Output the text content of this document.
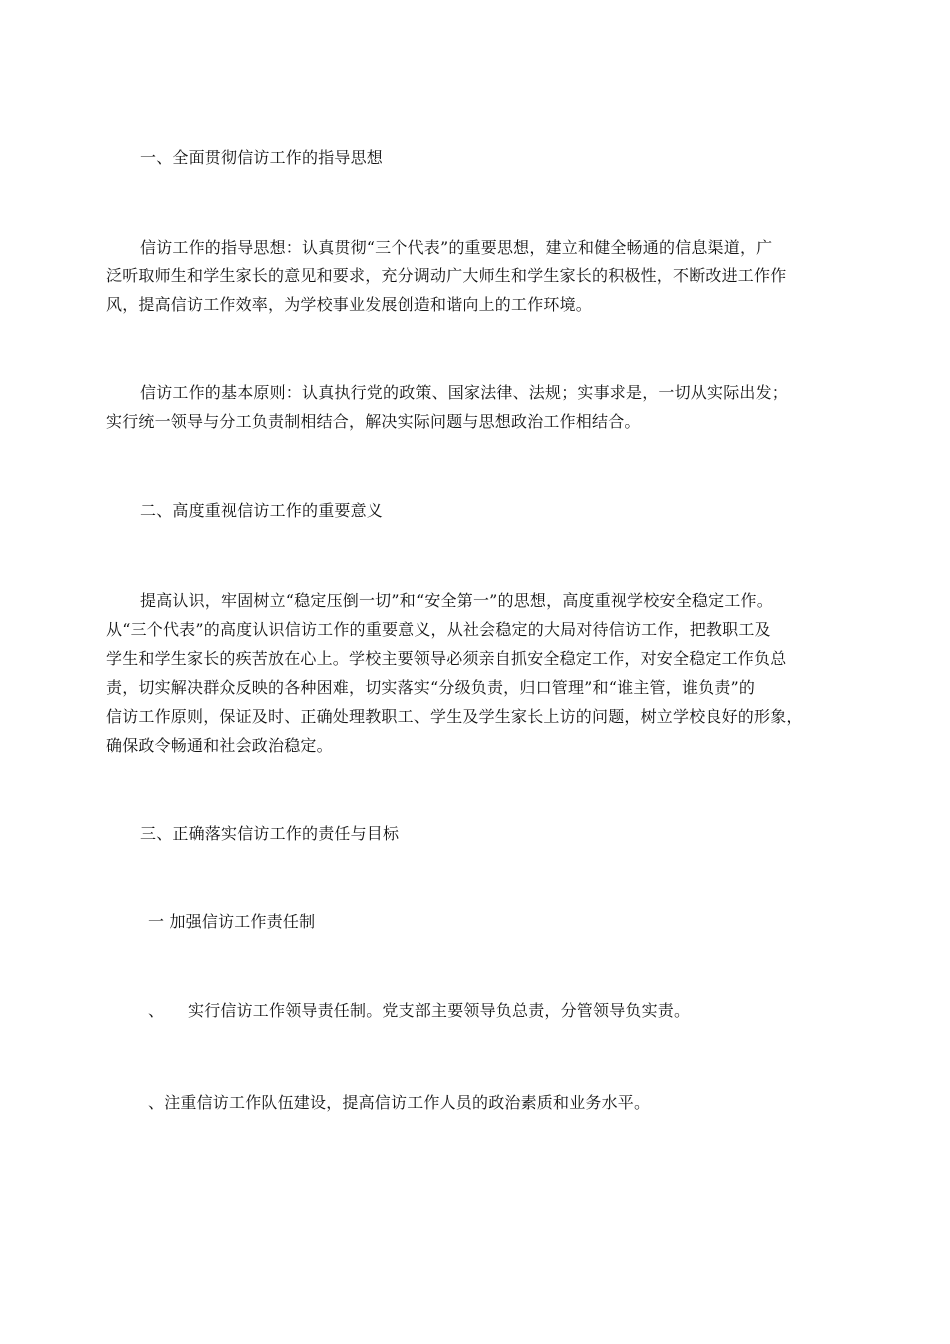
一、全面贯彻信访工作的指导思想
信访工作的指导思想：认真贯彻“三个代表”的重要思想，建立和健全畅通的信息渠道，广
泛听取师生和学生家长的意见和要求，充分调动广大师生和学生家长的积极性，不断改进工作作
风，提高信访工作效率，为学校事业发展创造和谐向上的工作环境。
信访工作的基本原则：认真执行党的政策、国家法律、法规；实事求是，一切从实际出发；
实行统一领导与分工负责制相结合，解决实际问题与思想政治工作相结合。
二、高度重视信访工作的重要意义
提高认识，牢固树立“稳定压倒一切”和“安全第一”的思想，高度重视学校安全稳定工作。
从“三个代表”的高度认识信访工作的重要意义，从社会稳定的大局对待信访工作，把教职工及
学生和学生家长的疾苦放在心上。学校主要领导必须亲自抓安全稳定工作，对安全稳定工作负总
责，切实解决群众反映的各种困难，切实落实“分级负责，归口管理”和“谁主管，谁负责”的
信访工作原则，保证及时、正确处理教职工、学生及学生家长上访的问题，树立学校良好的形象，
确保政令畅通和社会政治稳定。
三、正确落实信访工作的责任与目标
一 加强信访工作责任制
、 实行信访工作领导责任制。党支部主要领导负总责，分管领导负实责。
、注重信访工作队伍建设，提高信访工作人员的政治素质和业务水平。
